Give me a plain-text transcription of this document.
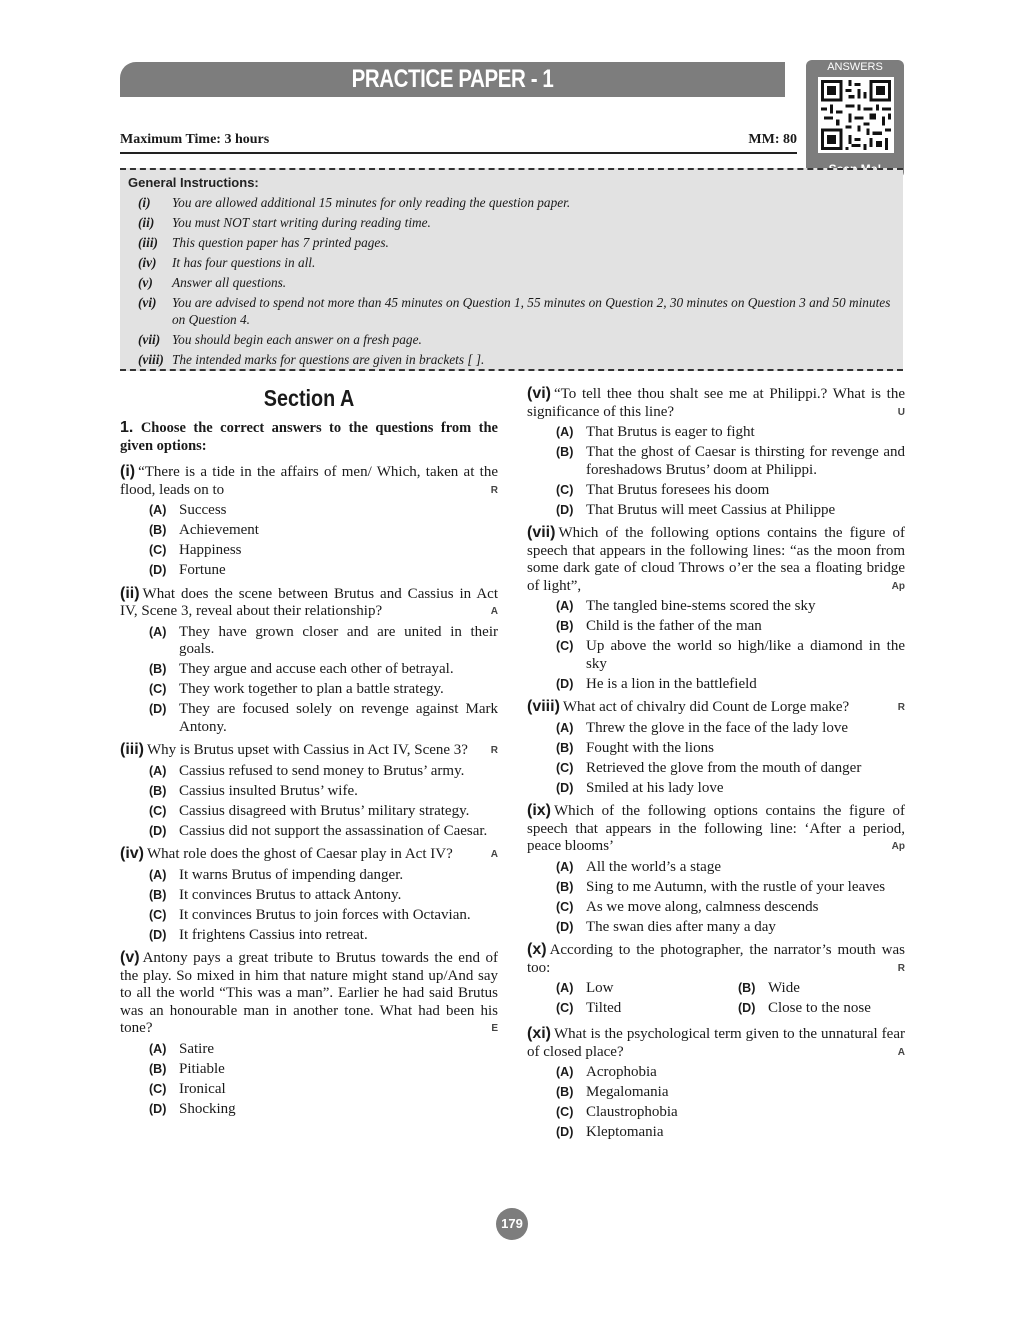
PRACTICE PAPER - 1	ANSWERS
Maximum Time: 3 hours	MM: 80
General Instructions:
(i) You are allowed additional 15 minutes for only reading the question paper.
(ii) You must NOT start writing during reading time.
(iii) This question paper has 7 printed pages.
(iv) It has four questions in all.
(v) Answer all questions.
(vi) You are advised to spend not more than 45 minutes on Question 1, 55 minutes on Question 2, 30 minutes on Question 3 and 50 minutes on Question 4.
(vii) You should begin each answer on a fresh page.
(viii) The intended marks for questions are given in brackets [ ].
Section A
1. Choose the correct answers to the questions from the given options:
(i) “There is a tide in the affairs of men/ Which, taken at the flood, leads on to	R
(A) Success
(B) Achievement
(C) Happiness
(D) Fortune
(ii) What does the scene between Brutus and Cassius in Act IV, Scene 3, reveal about their relationship?	A
(A) They have grown closer and are united in their goals.
(B) They argue and accuse each other of betrayal.
(C) They work together to plan a battle strategy.
(D) They are focused solely on revenge against Mark Antony.
(iii) Why is Brutus upset with Cassius in Act IV, Scene 3? R
(A) Cassius refused to send money to Brutus’ army.
(B) Cassius insulted Brutus’ wife.
(C) Cassius disagreed with Brutus’ military strategy.
(D) Cassius did not support the assassination of Caesar.
(iv) What role does the ghost of Caesar play in Act IV?	A
(A) It warns Brutus of impending danger.
(B) It convinces Brutus to attack Antony.
(C) It convinces Brutus to join forces with Octavian.
(D) It frightens Cassius into retreat.
(v) Antony pays a great tribute to Brutus towards the end of the play. So mixed in him that nature might stand up/And say to all the world “This was a man”. Earlier he had said Brutus was an honourable man in another tone. What had been his tone?	E
(A) Satire
(B) Pitiable
(C) Ironical
(D) Shocking
(vi) “To tell thee thou shalt see me at Philippi.? What is the significance of this line?	U
(A) That Brutus is eager to fight
(B) That the ghost of Caesar is thirsting for revenge and foreshadows Brutus’ doom at Philippi.
(C) That Brutus foresees his doom
(D) That Brutus will meet Cassius at Philippe
(vii) Which of the following options contains the figure of speech that appears in the following lines: “as the moon from some dark gate of cloud Throws o’er the sea a floating bridge of light”,	Ap
(A) The tangled bine-stems scored the sky
(B) Child is the father of the man
(C) Up above the world so high/like a diamond in the sky
(D) He is a lion in the battlefield
(viii) What act of chivalry did Count de Lorge make?	R
(A) Threw the glove in the face of the lady love
(B) Fought with the lions
(C) Retrieved the glove from the mouth of danger
(D) Smiled at his lady love
(ix) Which of the following options contains the figure of speech that appears in the following line: ‘After a period, peace blooms’	Ap
(A) All the world’s a stage
(B) Sing to me Autumn, with the rustle of your leaves
(C) As we move along, calmness descends
(D) The swan dies after many a day
(x) According to the photographer, the narrator’s mouth was too:	R
(A) Low	(B) Wide
(C) Tilted	(D) Close to the nose
(xi) What is the psychological term given to the unnatural fear of closed place?	A
(A) Acrophobia
(B) Megalomania
(C) Claustrophobia
(D) Kleptomania
179
